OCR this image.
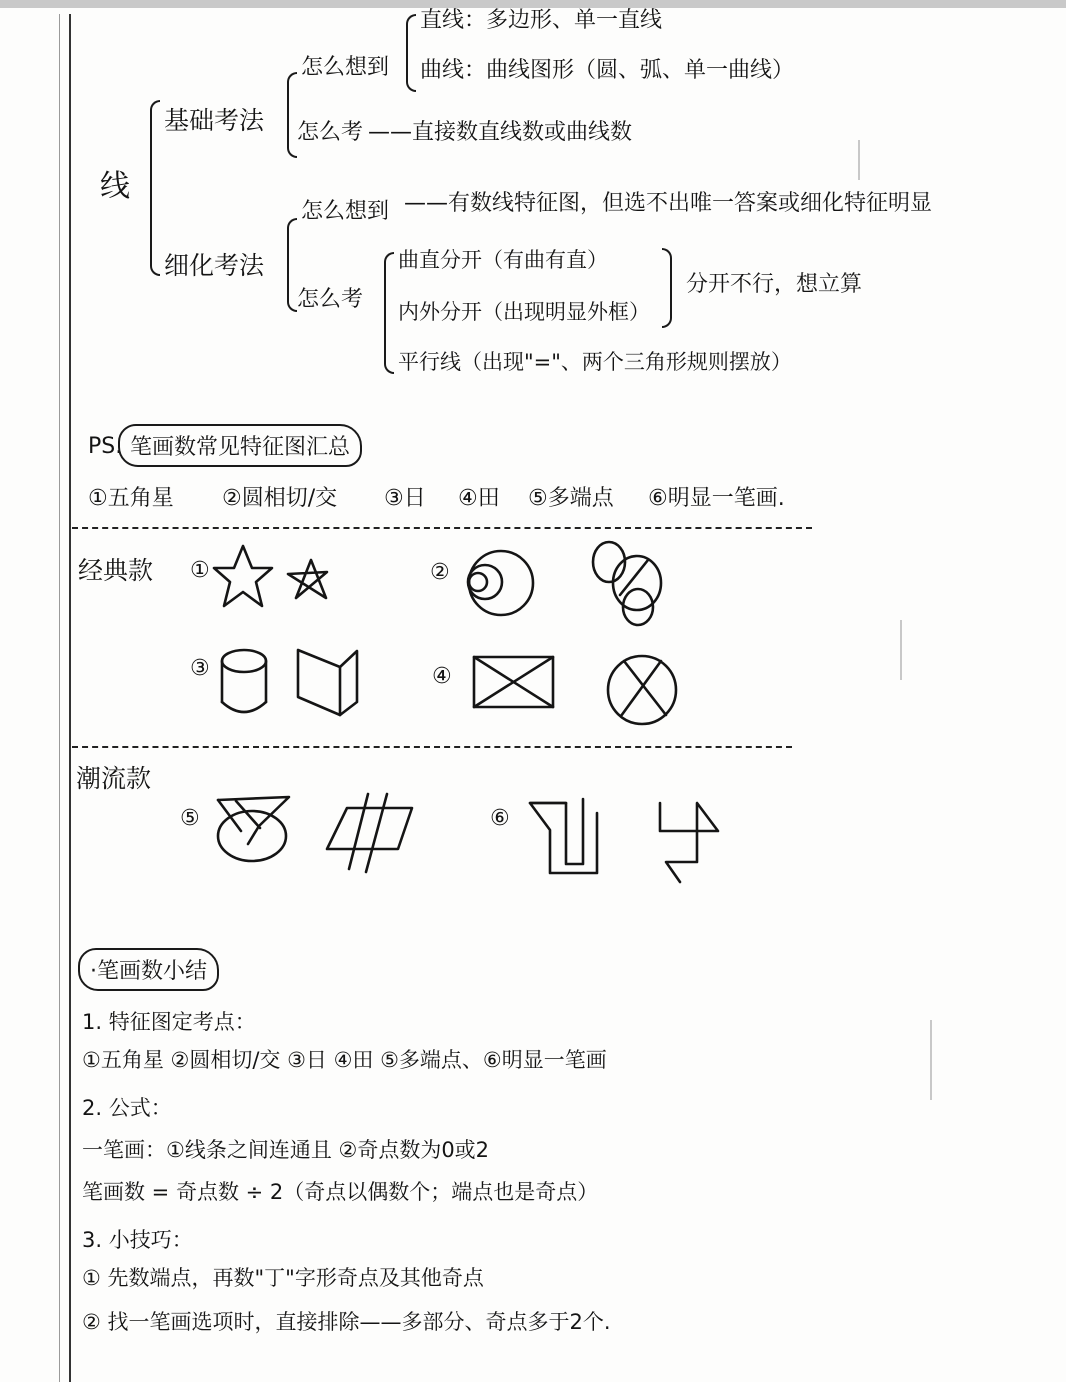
线
基础考法
怎么想到
直线：多边形、单一直线
曲线：曲线图形（圆、弧、单一曲线）
怎么考 ——直接数直线数或曲线数
细化考法
怎么想到 ——有数线特征图，但选不出唯一答案或细化特征明显
怎么考
曲直分开（有曲有直）
内外分开（出现明显外框）
平行线（出现"="、两个三角形规则摆放）
分开不行，想立算
PS. 笔画数常见特征图汇总
①五角星 ②圆相切/交 ③日 ④田 ⑤多端点 ⑥明显一笔画.
经典款 ①	②
③	④
潮流款
⑤	⑥
·笔画数小结
1. 特征图定考点：
①五角星 ②圆相切/交 ③日 ④田 ⑤多端点、⑥明显一笔画
2. 公式：
一笔画：①线条之间连通且 ②奇点数为0或2
笔画数 = 奇点数 ÷ 2（奇点以偶数个；端点也是奇点）
3. 小技巧：
① 先数端点，再数"丁"字形奇点及其他奇点
② 找一笔画选项时，直接排除——多部分、奇点多于2个.
